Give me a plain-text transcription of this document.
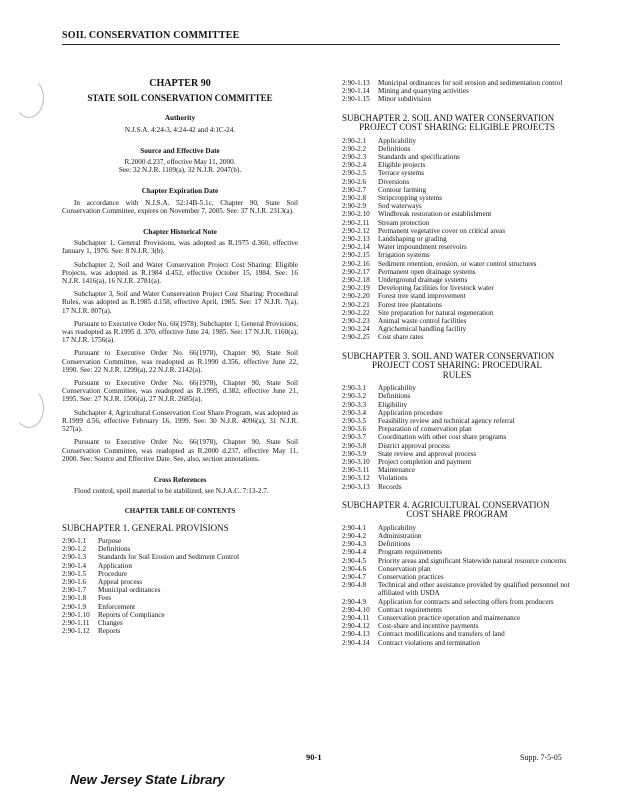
SOIL CONSERVATION COMMITTEE
CHAPTER 90
STATE SOIL CONSERVATION COMMITTEE
Authority

N.J.S.A. 4:24-3, 4:24-42 and 4:1C-24.

Source and Effective Date

R.2000 d.237, effective May 11, 2000.
See: 32 N.J.R. 1109(a), 32 N.J.R. 2047(b).

Chapter Expiration Date

In accordance with N.J.S.A. 52:14B-5.1c, Chapter 90, State Soil Conservation Committee, expires on November 7, 2005. See: 37 N.J.R. 2313(a).

Chapter Historical Note

Subchapter 1, General Provisions, was adopted as R.1975 d.360, effective January 1, 1976. See: 8 N.J.R. 3(b).

Subchapter 2, Soil and Water Conservation Project Cost Sharing: Eligible Projects, was adopted as R.1984 d.452, effective October 15, 1984. See: 16 N.J.R. 1416(a), 16 N.J.R. 2781(a).

Subchapter 3, Soil and Water Conservation Project Cost Sharing: Procedural Rules, was adopted as R.1985 d.158, effective April, 1985. See: 17 N.J.R. 7(a), 17 N.J.R. 807(a).

Pursuant to Executive Order No. 66(1978), Subchapter 1, General Provisions, was readopted as R.1995 d. 370, effective June 24, 1985. See: 17 N.J.R. 1160(a), 17 N.J.R. 1756(a).

Pursuant to Executive Order No. 66(1978), Chapter 90, State Soil Conservation Committee, was readopted as R.1990 d.356, effective June 22, 1990. See: 22 N.J.R. 1299(a), 22 N.J.R. 2142(a).

Pursuant to Executive Order No. 66(1978), Chapter 90, State Soil Conservation Committee, was readopted as R.1995, d.382, effective June 21, 1995. See: 27 N.J.R. 1506(a), 27 N.J.R. 2685(a).

Subchapter 4, Agricultural Conservation Cost Share Program, was adopted as R.1999 d.56, effective February 16, 1999. See: 30 N.J.R. 4096(a), 31 N.J.R. 527(a).

Pursuant to Executive Order No. 66(1978), Chapter 90, State Soil Conservation Committee, was readopted as R.2000 d.237, effective May 11, 2000. See: Source and Effective Date. See, also, section annotations.

Cross References

Flood control, spoil material to be stabilized, see N.J.A.C. 7:13-2.7.

CHAPTER TABLE OF CONTENTS
SUBCHAPTER 1. GENERAL PROVISIONS
2:90-1.1	Purpose
2:90-1.2	Definitions
2:90-1.3	Standards for Soil Erosion and Sediment Control
2:90-1.4	Application
2:90-1.5	Procedure
2:90-1.6	Appeal process
2:90-1.7	Municipal ordinances
2:90-1.8	Fees
2:90-1.9	Enforcement
2:90-1.10	Reports of Compliance
2:90-1.11	Changes
2:90-1.12	Reports
2:90-1.13	Municipal ordinances for soil erosion and sedimentation control
2:90-1.14	Mining and quarrying activities
2:90-1.15	Minor subdivision
SUBCHAPTER 2. SOIL AND WATER CONSERVATION
PROJECT COST SHARING: ELIGIBLE PROJECTS
2:90-2.1	Applicability
2:90-2.2	Definitions
2:90-2.3	Standards and specifications
2:90-2.4	Eligible projects
2:90-2.5	Terrace systems
2:90-2.6	Diversions
2:90-2.7	Contour farming
2:90-2.8	Stripcropping systems
2:90-2.9	Sod waterways
2:90-2.10	Windbreak restoration or establishment
2:90-2.11	Stream protection
2:90-2.12	Permanent vegetative cover on critical areas
2:90-2.13	Landshaping or grading
2:90-2.14	Water impoundment reservoirs
2:90-2.15	Irrigation systems
2:90-2.16	Sediment retention, erosion, or water control structures
2:90-2.17	Permanent open drainage systems
2:90-2.18	Underground drainage systems
2:90-2.19	Developing facilities for livestock water
2:90-2.20	Forest tree stand improvement
2:90-2.21	Forest tree plantations
2:90-2.22	Site preparation for natural regeneration
2:90-2.23	Animal waste control facilities
2:90-2.24	Agrichemical handling facility
2:90-2.25	Cost share rates
SUBCHAPTER 3. SOIL AND WATER CONSERVATION
PROJECT COST SHARING: PROCEDURAL
RULES
2:90-3.1	Applicability
2:90-3.2	Definitions
2:90-3.3	Eligibility
2:90-3.4	Application procedure
2:90-3.5	Feasibility review and technical agency referral
2:90-3.6	Preparation of conservation plan
2:90-3.7	Coordination with other cost share programs
2:90-3.8	District approval process
2:90-3.9	State review and approval process
2:90-3.10	Project completion and payment
2:90-3.11	Maintenance
2:90-3.12	Violations
2:90-3.13	Records
SUBCHAPTER 4. AGRICULTURAL CONSERVATION
COST SHARE PROGRAM
2:90-4.1	Applicability
2:90-4.2	Administration
2:90-4.3	Definitions
2:90-4.4	Program requirements
2:90-4.5	Priority areas and significant Statewide natural resource concerns
2:90-4.6	Conservation plan
2:90-4.7	Conservation practices
2:90-4.8	Technical and other assistance provided by qualified personnel not affiliated with USDA
2:90-4.9	Application for contracts and selecting offers from producers
2:90-4.10	Contract requirements
2:90-4.11	Conservation practice operation and maintenance
2:90-4.12	Cost-share and incentive payments
2:90-4.13	Contract modifications and transfers of land
2:90-4.14	Contract violations and termination
90-1	Supp. 7-5-05
New Jersey State Library
